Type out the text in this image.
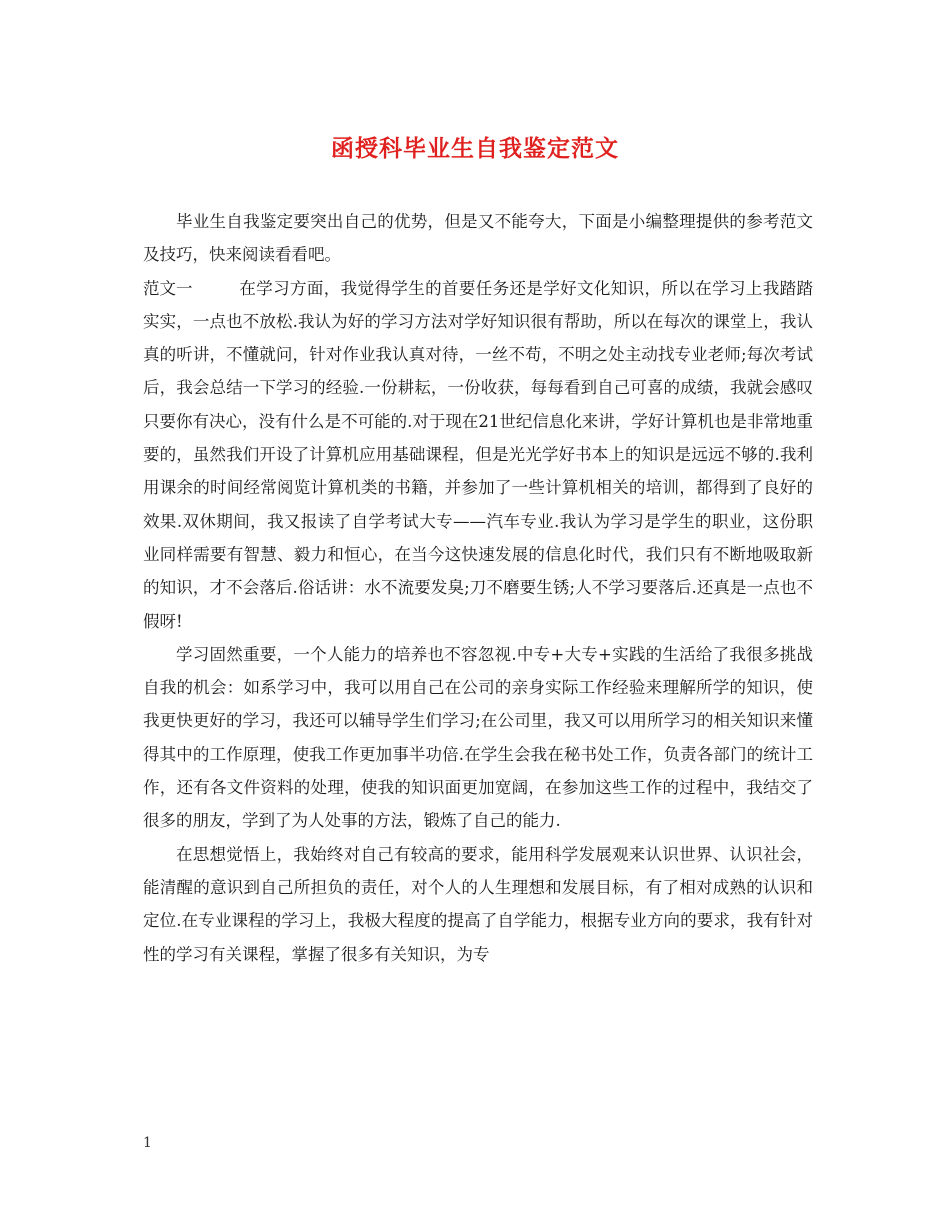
函授科毕业生自我鉴定范文

毕业生自我鉴定要突出自己的优势，但是又不能夸大，下面是小编整理提供的参考范文及技巧，快来阅读看看吧。

范文一	在学习方面，我觉得学生的首要任务还是学好文化知识，所以在学习上我踏踏实实，一点也不放松.我认为好的学习方法对学好知识很有帮助，所以在每次的课堂上，我认真的听讲，不懂就问，针对作业我认真对待，一丝不苟，不明之处主动找专业老师;每次考试后，我会总结一下学习的经验.一份耕耘，一份收获，每每看到自己可喜的成绩，我就会感叹只要你有决心，没有什么是不可能的.对于现在21世纪信息化来讲，学好计算机也是非常地重要的，虽然我们开设了计算机应用基础课程，但是光光学好书本上的知识是远远不够的.我利用课余的时间经常阅览计算机类的书籍，并参加了一些计算机相关的培训，都得到了良好的效果.双休期间，我又报读了自学考试大专——汽车专业.我认为学习是学生的职业，这份职业同样需要有智慧、毅力和恒心，在当今这快速发展的信息化时代，我们只有不断地吸取新的知识，才不会落后.俗话讲：水不流要发臭;刀不磨要生锈;人不学习要落后.还真是一点也不假呀!

学习固然重要，一个人能力的培养也不容忽视.中专+大专+实践的生活给了我很多挑战自我的机会：如系学习中，我可以用自己在公司的亲身实际工作经验来理解所学的知识，使我更快更好的学习，我还可以辅导学生们学习;在公司里，我又可以用所学习的相关知识来懂得其中的工作原理，使我工作更加事半功倍.在学生会我在秘书处工作，负责各部门的统计工作，还有各文件资料的处理，使我的知识面更加宽阔，在参加这些工作的过程中，我结交了很多的朋友，学到了为人处事的方法，锻炼了自己的能力.

在思想觉悟上，我始终对自己有较高的要求，能用科学发展观来认识世界、认识社会，能清醒的意识到自己所担负的责任，对个人的人生理想和发展目标，有了相对成熟的认识和定位.在专业课程的学习上，我极大程度的提高了自学能力，根据专业方向的要求，我有针对性的学习有关课程，掌握了很多有关知识，为专

1
